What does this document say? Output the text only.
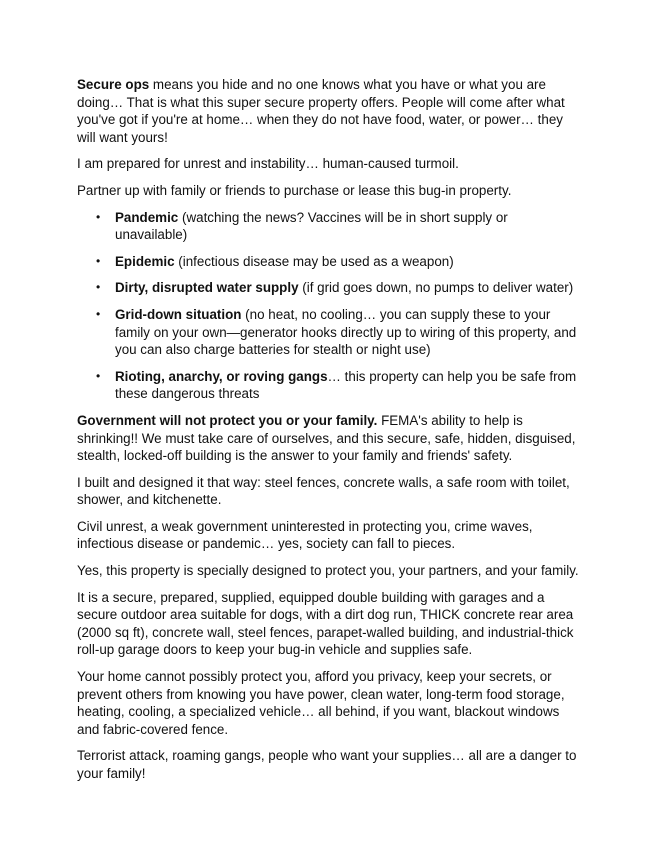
Secure ops means you hide and no one knows what you have or what you are doing… That is what this super secure property offers. People will come after what you've got if you're at home… when they do not have food, water, or power… they will want yours!

I am prepared for unrest and instability… human-caused turmoil.

Partner up with family or friends to purchase or lease this bug-in property.

• Pandemic (watching the news? Vaccines will be in short supply or unavailable)
• Epidemic (infectious disease may be used as a weapon)
• Dirty, disrupted water supply (if grid goes down, no pumps to deliver water)
• Grid-down situation (no heat, no cooling… you can supply these to your family on your own—generator hooks directly up to wiring of this property, and you can also charge batteries for stealth or night use)
• Rioting, anarchy, or roving gangs… this property can help you be safe from these dangerous threats

Government will not protect you or your family. FEMA's ability to help is shrinking!! We must take care of ourselves, and this secure, safe, hidden, disguised, stealth, locked-off building is the answer to your family and friends' safety.

I built and designed it that way: steel fences, concrete walls, a safe room with toilet, shower, and kitchenette.

Civil unrest, a weak government uninterested in protecting you, crime waves, infectious disease or pandemic… yes, society can fall to pieces.

Yes, this property is specially designed to protect you, your partners, and your family.

It is a secure, prepared, supplied, equipped double building with garages and a secure outdoor area suitable for dogs, with a dirt dog run, THICK concrete rear area (2000 sq ft), concrete wall, steel fences, parapet-walled building, and industrial-thick roll-up garage doors to keep your bug-in vehicle and supplies safe.

Your home cannot possibly protect you, afford you privacy, keep your secrets, or prevent others from knowing you have power, clean water, long-term food storage, heating, cooling, a specialized vehicle… all behind, if you want, blackout windows and fabric-covered fence.

Terrorist attack, roaming gangs, people who want your supplies… all are a danger to your family!
